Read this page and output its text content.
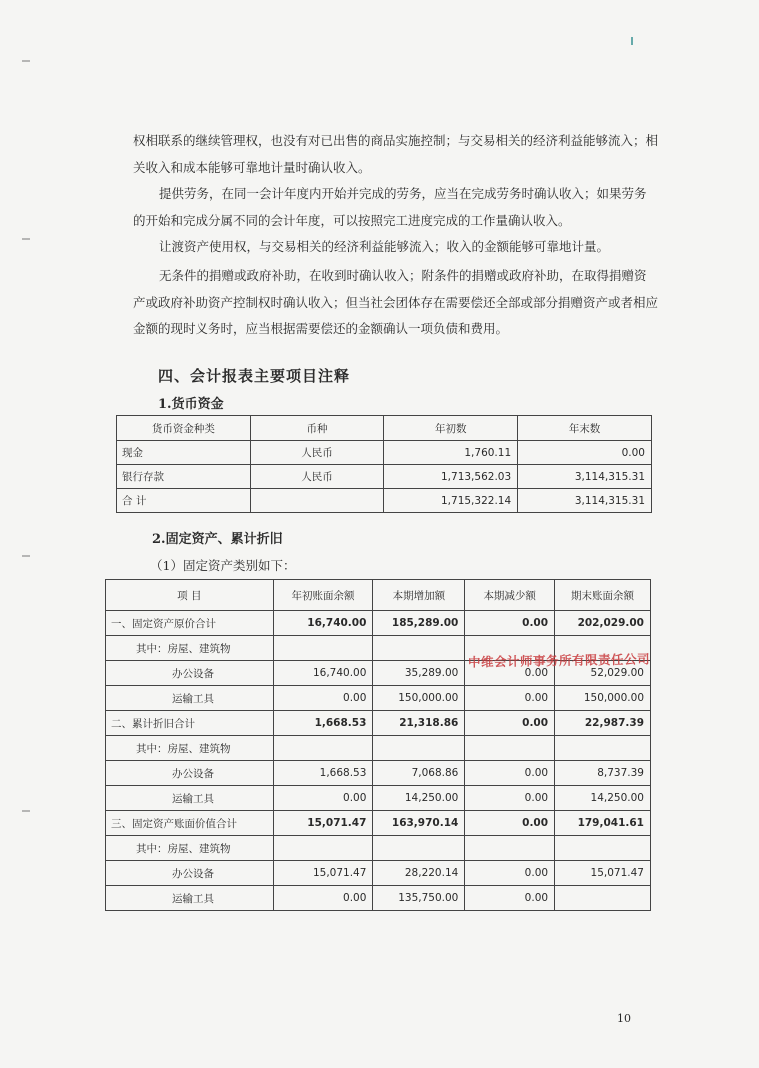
权相联系的继续管理权，也没有对已出售的商品实施控制；与交易相关的经济利益能够流入；相关收入和成本能够可靠地计量时确认收入。

提供劳务，在同一会计年度内开始并完成的劳务，应当在完成劳务时确认收入；如果劳务的开始和完成分属不同的会计年度，可以按照完工进度完成的工作量确认收入。

让渡资产使用权，与交易相关的经济利益能够流入；收入的金额能够可靠地计量。

无条件的捐赠或政府补助，在收到时确认收入；附条件的捐赠或政府补助，在取得捐赠资产或政府补助资产控制权时确认收入；但当社会团体存在需要偿还全部或部分捐赠资产或者相应金额的现时义务时，应当根据需要偿还的金额确认一项负债和费用。

四、会计报表主要项目注释
1.货币资金
货币资金种类	币种	年初数	年末数
现金	人民币	1,760.11	0.00
银行存款	人民币	1,713,562.03	3,114,315.31
合 计		1,715,322.14	3,114,315.31
2.固定资产、累计折旧
（1）固定资产类别如下：
项 目	年初账面余额	本期增加额	本期减少额	期末账面余额
一、固定资产原价合计	16,740.00	185,289.00	0.00	202,029.00
其中：房屋、建筑物				
办公设备	16,740.00	35,289.00	0.00	52,029.00
运输工具	0.00	150,000.00	0.00	150,000.00
二、累计折旧合计	1,668.53	21,318.86	0.00	22,987.39
其中：房屋、建筑物				
办公设备	1,668.53	7,068.86	0.00	8,737.39
运输工具	0.00	14,250.00	0.00	14,250.00
三、固定资产账面价值合计	15,071.47	163,970.14	0.00	179,041.61
其中：房屋、建筑物				
办公设备	15,071.47	28,220.14	0.00	15,071.47
运输工具	0.00	135,750.00	0.00	
中维会计师事务所有限责任公司
10
